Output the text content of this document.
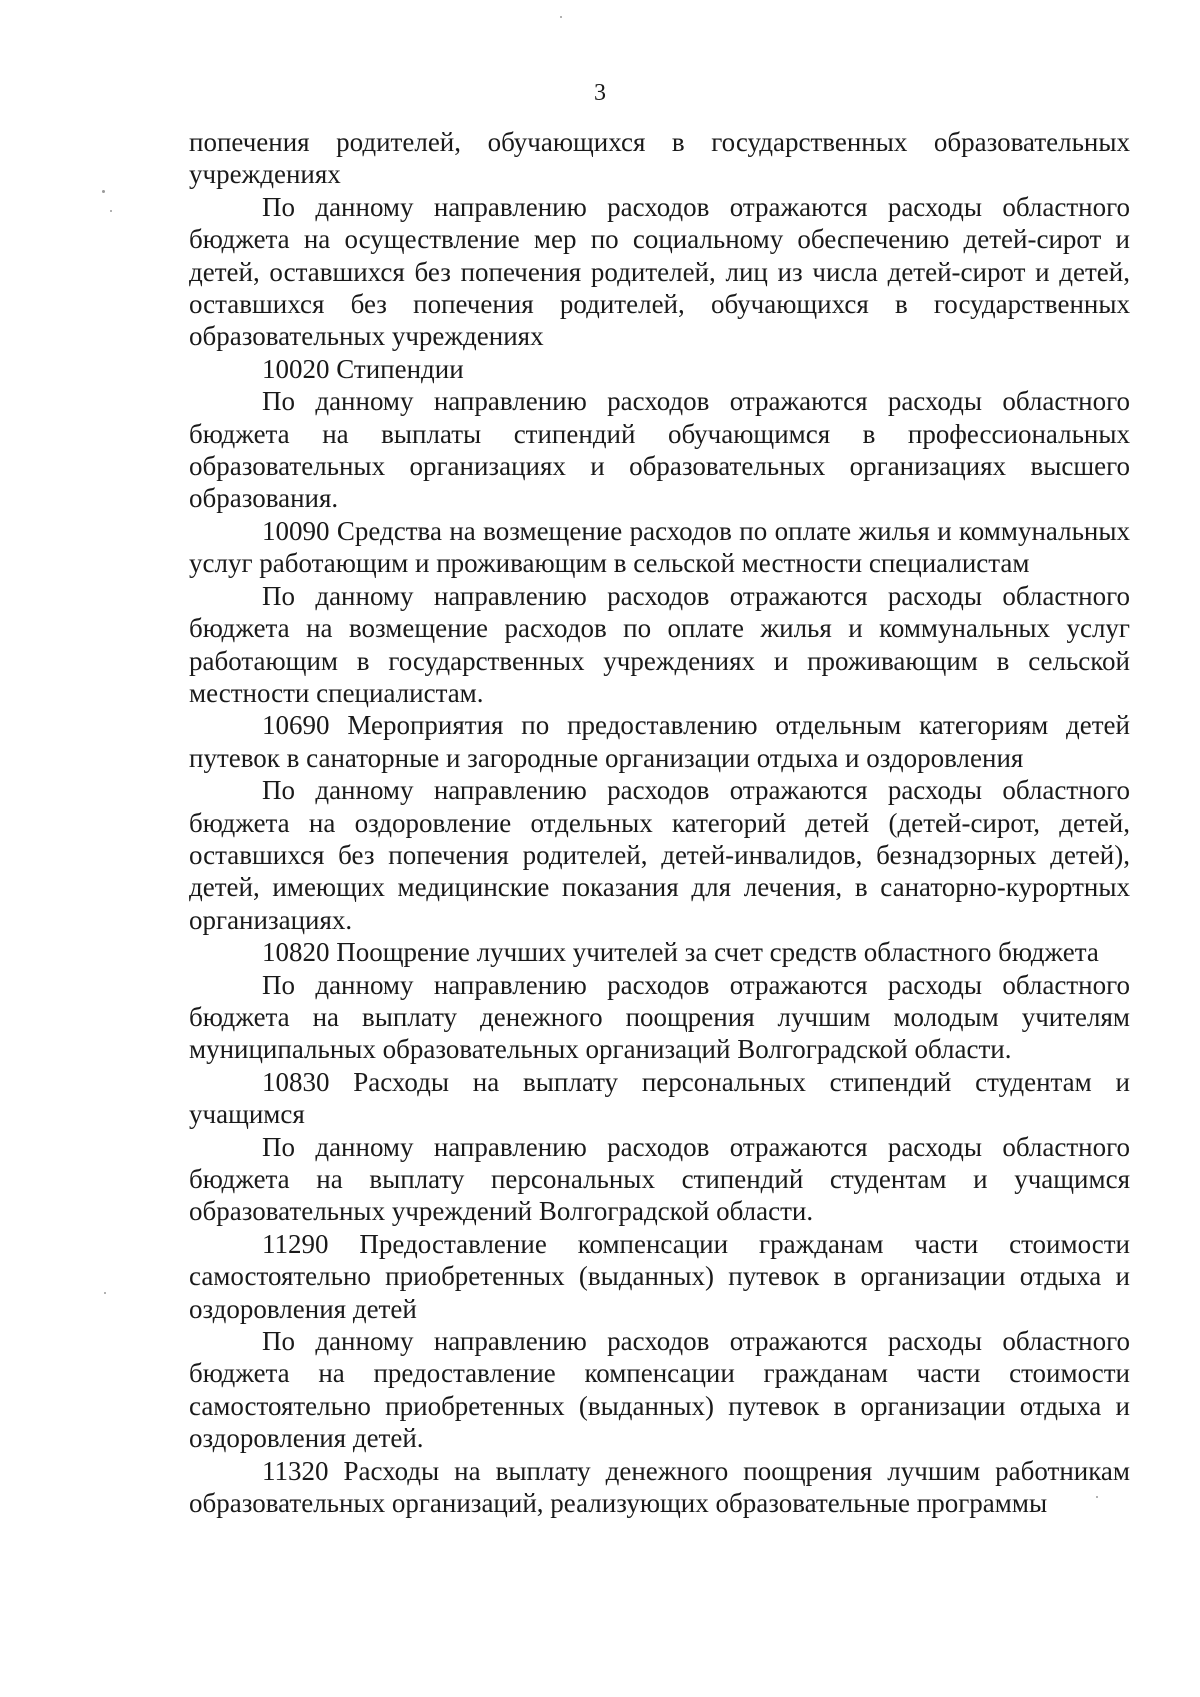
3

попечения родителей, обучающихся в государственных образовательных учреждениях

По данному направлению расходов отражаются расходы областного бюджета на осуществление мер по социальному обеспечению детей-сирот и детей, оставшихся без попечения родителей, лиц из числа детей-сирот и детей, оставшихся без попечения родителей, обучающихся в государственных образовательных учреждениях

10020 Стипендии

По данному направлению расходов отражаются расходы областного бюджета на выплаты стипендий обучающимся в профессиональных образовательных организациях и образовательных организациях высшего образования.

10090 Средства на возмещение расходов по оплате жилья и коммунальных услуг работающим и проживающим в сельской местности специалистам

По данному направлению расходов отражаются расходы областного бюджета на возмещение расходов по оплате жилья и коммунальных услуг работающим в государственных учреждениях и проживающим в сельской местности специалистам.

10690 Мероприятия по предоставлению отдельным категориям детей путевок в санаторные и загородные организации отдыха и оздоровления

По данному направлению расходов отражаются расходы областного бюджета на оздоровление отдельных категорий детей (детей-сирот, детей, оставшихся без попечения родителей, детей-инвалидов, безнадзорных детей), детей, имеющих медицинские показания для лечения, в санаторно-курортных организациях.

10820 Поощрение лучших учителей за счет средств областного бюджета

По данному направлению расходов отражаются расходы областного бюджета на выплату денежного поощрения лучшим молодым учителям муниципальных образовательных организаций Волгоградской области.

10830 Расходы на выплату персональных стипендий студентам и учащимся

По данному направлению расходов отражаются расходы областного бюджета на выплату персональных стипендий студентам и учащимся образовательных учреждений Волгоградской области.

11290 Предоставление компенсации гражданам части стоимости самостоятельно приобретенных (выданных) путевок в организации отдыха и оздоровления детей

По данному направлению расходов отражаются расходы областного бюджета на предоставление компенсации гражданам части стоимости самостоятельно приобретенных (выданных) путевок в организации отдыха и оздоровления детей.

11320 Расходы на выплату денежного поощрения лучшим работникам образовательных организаций, реализующих образовательные программы
